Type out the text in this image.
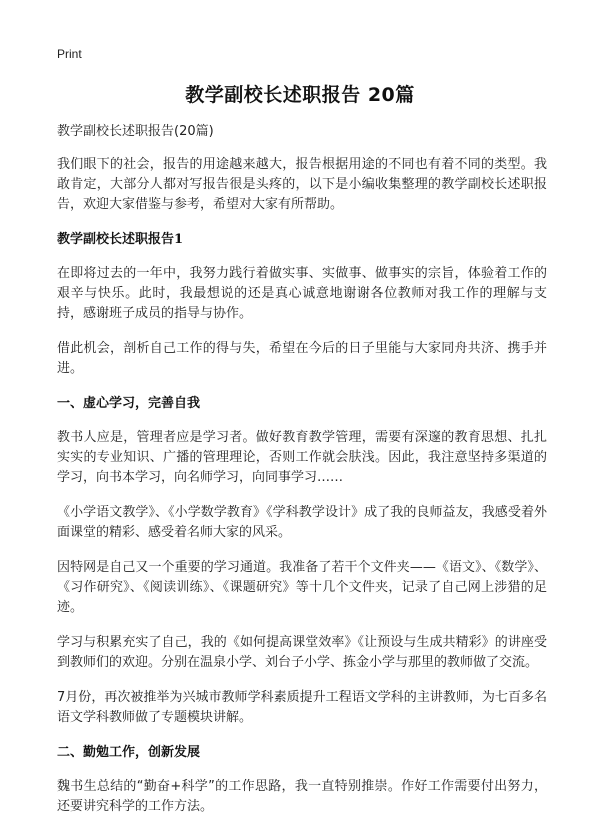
Print
教学副校长述职报告 20篇

教学副校长述职报告(20篇)

我们眼下的社会，报告的用途越来越大，报告根据用途的不同也有着不同的类型。我敢肯定，大部分人都对写报告很是头疼的，以下是小编收集整理的教学副校长述职报告，欢迎大家借鉴与参考，希望对大家有所帮助。

教学副校长述职报告1

在即将过去的一年中，我努力践行着做实事、实做事、做事实的宗旨，体验着工作的艰辛与快乐。此时，我最想说的还是真心诚意地谢谢各位教师对我工作的理解与支持，感谢班子成员的指导与协作。

借此机会，剖析自己工作的得与失，希望在今后的日子里能与大家同舟共济、携手并进。

一、虚心学习，完善自我

教书人应是，管理者应是学习者。做好教育教学管理，需要有深邃的教育思想、扎扎实实的专业知识、广播的管理理论，否则工作就会肤浅。因此，我注意坚持多渠道的学习，向书本学习，向名师学习，向同事学习……

《小学语文教学》、《小学数学教育》《学科教学设计》成了我的良师益友，我感受着外面课堂的精彩、感受着名师大家的风采。

因特网是自己又一个重要的学习通道。我准备了若干个文件夹——《语文》、《数学》、《习作研究》、《阅读训练》、《课题研究》等十几个文件夹，记录了自己网上涉猎的足迹。

学习与积累充实了自己，我的《如何提高课堂效率》《让预设与生成共精彩》的讲座受到教师们的欢迎。分别在温泉小学、刘台子小学、拣金小学与那里的教师做了交流。

7月份，再次被推举为兴城市教师学科素质提升工程语文学科的主讲教师，为七百多名语文学科教师做了专题模块讲解。

二、勤勉工作，创新发展

魏书生总结的“勤奋+科学”的工作思路，我一直特别推崇。作好工作需要付出努力，还要讲究科学的工作方法。
